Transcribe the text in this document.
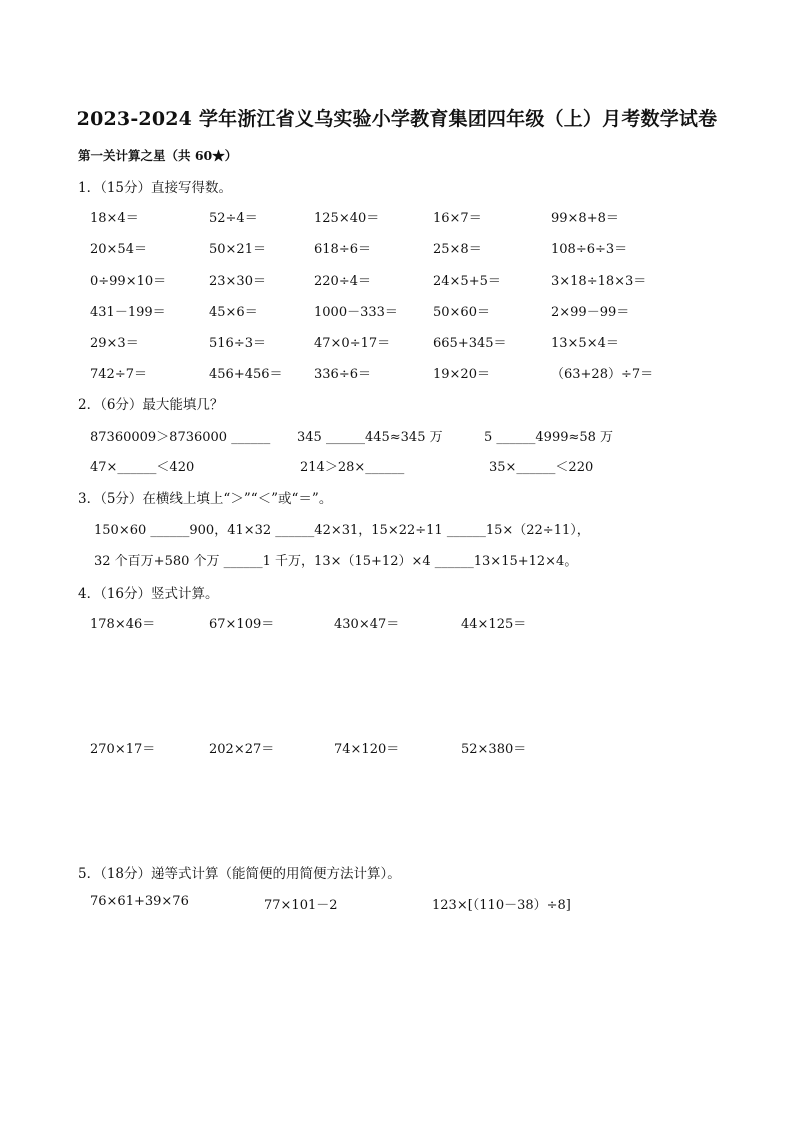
2023-2024 学年浙江省义乌实验小学教育集团四年级（上）月考数学试卷
第一关计算之星（共 60★）
1．（15分）直接写得数。
18×4＝	52÷4＝	125×40＝	16×7＝	99×8+8＝
20×54＝	50×21＝	618÷6＝	25×8＝	108÷6÷3＝
0÷99×10＝	23×30＝	220÷4＝	24×5+5＝	3×18÷18×3＝
431－199＝	45×6＝	1000－333＝	50×60＝	2×99－99＝
29×3＝	516÷3＝	47×0÷17＝	665+345＝	13×5×4＝
742÷7＝	456+456＝ 336÷6＝	19×20＝	（63+28）÷7＝
2．（6分）最大能填几？
87360009＞8736000 ______ 345 ______445≈345 万	5 ______4999≈58 万
47×______＜420	214＞28×______	35×______＜220
3．（5分）在横线上填上“＞”“＜”或“＝”。
150×60 ______900，41×32 ______42×31，15×22÷11 ______15×（22÷11），
32 个百万+580 个万 ______1 千万，13×（15+12）×4 ______13×15+12×4。
4．（16分）竖式计算。
178×46＝	67×109＝	430×47＝	44×125＝
270×17＝	202×27＝	74×120＝	52×380＝
5．（18分）递等式计算（能简便的用简便方法计算）。
76×61+39×76	77×101－2	123×[（110－38）÷8]
